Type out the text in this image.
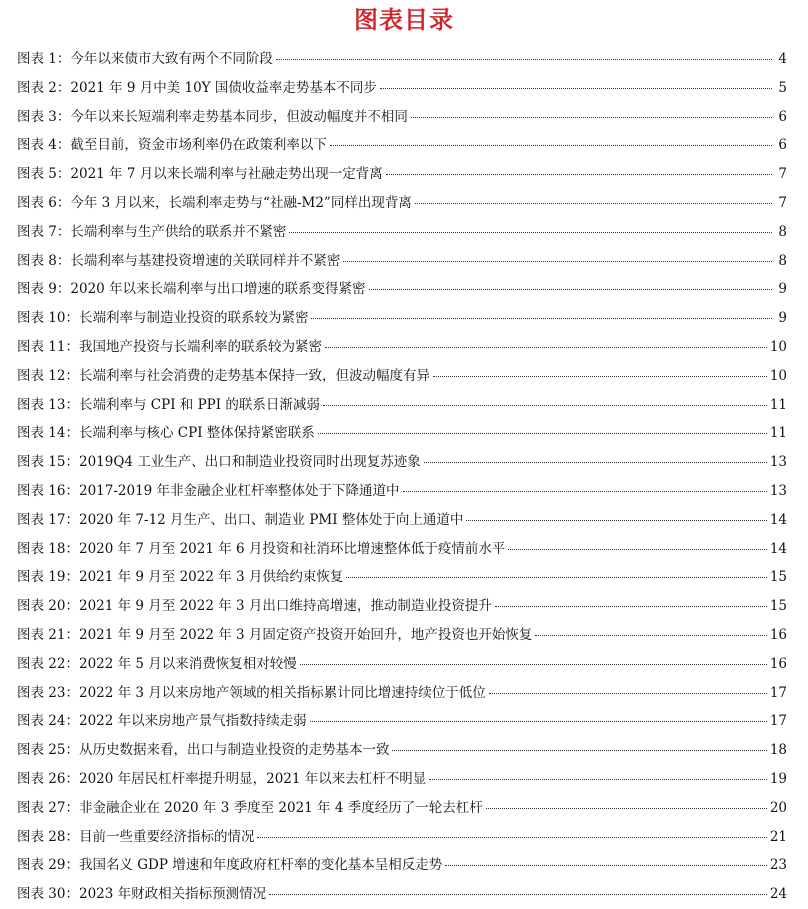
图表目录
图表 1 ： 今年以来债市大致有两个不同阶段	4
图表 2 ： 2021 年 9 月中美 10Y 国债收益率走势基本不同步	5
图表 3 ： 今年以来长短端利率走势基本同步，但波动幅度并不相同	6
图表 4 ： 截至目前，资金市场利率仍在政策利率以下	6
图表 5 ： 2021 年 7 月以来长端利率与社融走势出现一定背离	7
图表 6 ： 今年 3 月以来，长端利率走势与“社融-M2”同样出现背离	7
图表 7 ： 长端利率与生产供给的联系并不紧密	8
图表 8 ： 长端利率与基建投资增速的关联同样并不紧密	8
图表 9 ： 2020 年以来长端利率与出口增速的联系变得紧密	9
图表 10 ： 长端利率与制造业投资的联系较为紧密	9
图表 11 ： 我国地产投资与长端利率的联系较为紧密	10
图表 12 ： 长端利率与社会消费的走势基本保持一致，但波动幅度有异	10
图表 13 ： 长端利率与 CPI 和 PPI 的联系日渐减弱	11
图表 14 ： 长端利率与核心 CPI 整体保持紧密联系	11
图表 15 ： 2019Q4 工业生产、出口和制造业投资同时出现复苏迹象	13
图表 16 ： 2017-2019 年非金融企业杠杆率整体处于下降通道中	13
图表 17 ： 2020 年 7-12 月生产、出口、制造业 PMI 整体处于向上通道中	14
图表 18 ： 2020 年 7 月至 2021 年 6 月投资和社消环比增速整体低于疫情前水平	14
图表 19 ： 2021 年 9 月至 2022 年 3 月供给约束恢复	15
图表 20 ： 2021 年 9 月至 2022 年 3 月出口维持高增速，推动制造业投资提升	15
图表 21 ： 2021 年 9 月至 2022 年 3 月固定资产投资开始回升，地产投资也开始恢复	16
图表 22 ： 2022 年 5 月以来消费恢复相对较慢	16
图表 23 ： 2022 年 3 月以来房地产领域的相关指标累计同比增速持续位于低位	17
图表 24 ： 2022 年以来房地产景气指数持续走弱	17
图表 25 ： 从历史数据来看，出口与制造业投资的走势基本一致	18
图表 26 ： 2020 年居民杠杆率提升明显，2021 年以来去杠杆不明显	19
图表 27 ： 非金融企业在 2020 年 3 季度至 2021 年 4 季度经历了一轮去杠杆	20
图表 28 ： 目前一些重要经济指标的情况	21
图表 29 ： 我国名义 GDP 增速和年度政府杠杆率的变化基本呈相反走势	23
图表 30 ： 2023 年财政相关指标预测情况	24
